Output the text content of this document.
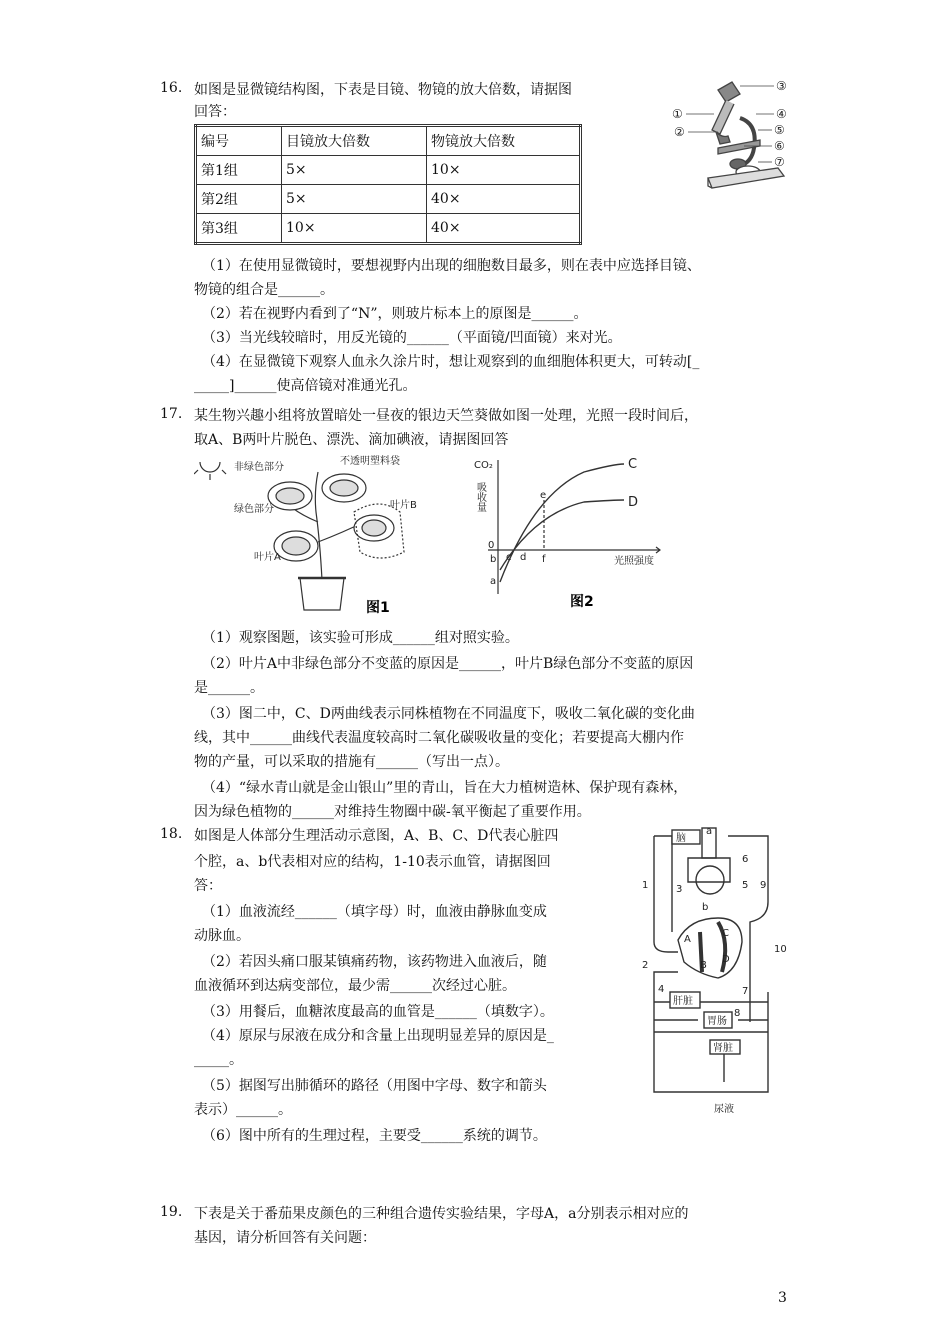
16. 如图是显微镜结构图，下表是目镜、物镜的放大倍数，请据图
回答：
编号	目镜放大倍数	物镜放大倍数
第1组	5×	10×
第2组	5×	40×
第3组	10×	40×
③
①	④
②	⑤
⑥
⑦
（1）在使用显微镜时，要想视野内出现的细胞数目最多，则在表中应选择目镜、
物镜的组合是______。
（2）若在视野内看到了“N”，则玻片标本上的原图是______。
（3）当光线较暗时，用反光镜的______（平面镜/凹面镜）来对光。
（4）在显微镜下观察人血永久涂片时，想让观察到的血细胞体积更大，可转动[_
_____]______使高倍镜对准通光孔。
17. 某生物兴趣小组将放置暗处一昼夜的银边天竺葵做如图一处理，光照一段时间后，
取A、B两叶片脱色、漂洗、滴加碘液，请据图回答
非绿色部分
绿色部分
叶片A
不透明塑料袋
叶片B
图1
CO₂
吸收量
光照强度
C
D
0
a
b c d
e
f
图2
（1）观察图题，该实验可形成______组对照实验。
（2）叶片A中非绿色部分不变蓝的原因是______，叶片B绿色部分不变蓝的原因
是______。
（3）图二中，C、D两曲线表示同株植物在不同温度下，吸收二氧化碳的变化曲
线，其中______曲线代表温度较高时二氧化碳吸收量的变化；若要提高大棚内作
物的产量，可以采取的措施有______（写出一点）。
（4）“绿水青山就是金山银山”里的青山，旨在大力植树造林、保护现有森林，
因为绿色植物的______对维持生物圈中碳-氧平衡起了重要作用。
18. 如图是人体部分生理活动示意图，A、B、C、D代表心脏四
个腔，a、b代表相对应的结构，1-10表示血管，请据图回
答：
（1）血液流经______（填字母）时，血液由静脉血变成
动脉血。
（2）若因头痛口服某镇痛药物，该药物进入血液后，随
血液循环到达病变部位，最少需______次经过心脏。
（3）用餐后，血糖浓度最高的血管是______（填数字）。
（4）原尿与尿液在成分和含量上出现明显差异的原因是_
_____。
（5）据图写出肺循环的路径（用图中字母、数字和箭头
表示）______。
（6）图中所有的生理过程，主要受______系统的调节。
脑
肝脏
胃肠
肾脏
尿液
1
2
3
4
5
6
7
8
9
10
A
B
C
D
a
b
19. 下表是关于番茄果皮颜色的三种组合遗传实验结果，字母A，a分别表示相对应的
基因，请分析回答有关问题：
3
